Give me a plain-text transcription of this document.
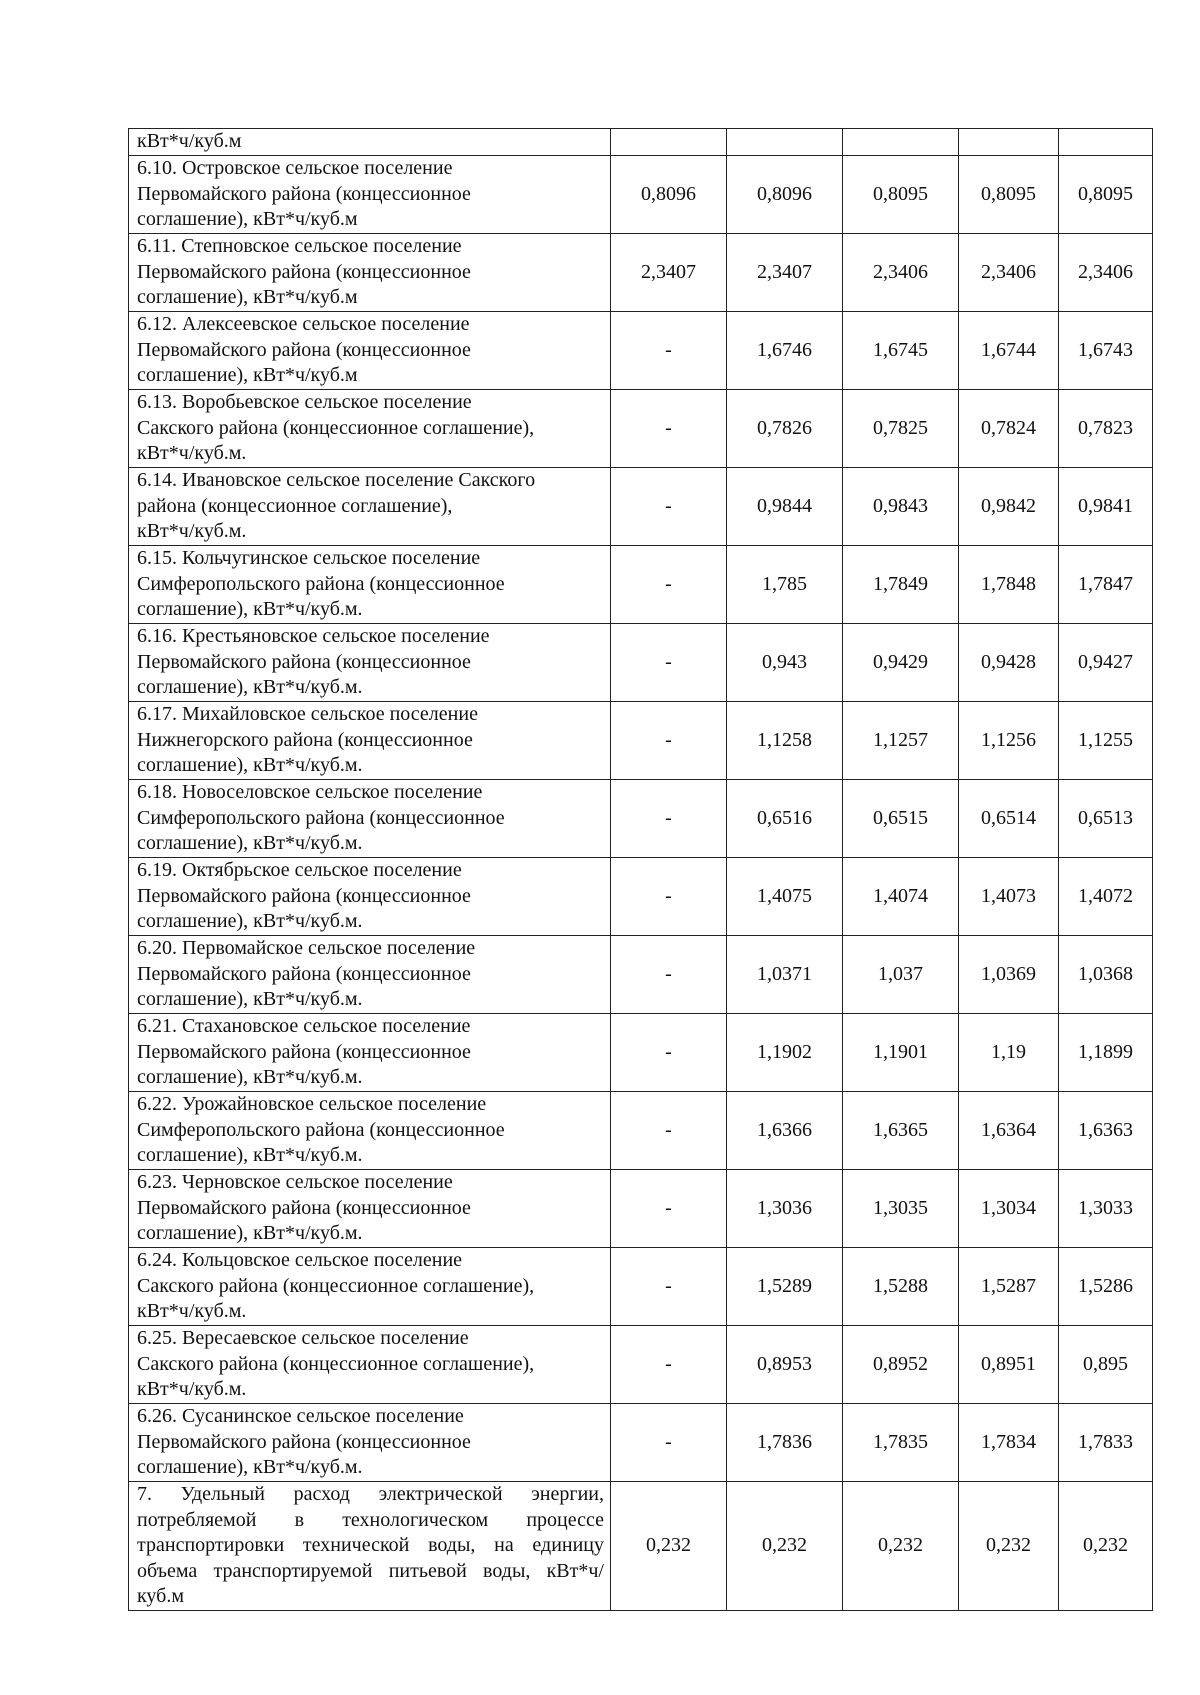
кВт*ч/куб.м					

6.10. Островское сельское поселение
Первомайского района (концессионное
соглашение), кВт*ч/куб.м	0,8096	0,8096	0,8095	0,8095	0,8095

6.11. Степновское сельское поселение
Первомайского района (концессионное
соглашение), кВт*ч/куб.м	2,3407	2,3407	2,3406	2,3406	2,3406

6.12. Алексеевское сельское поселение
Первомайского района (концессионное
соглашение), кВт*ч/куб.м	-	1,6746	1,6745	1,6744	1,6743

6.13. Воробьевское сельское поселение
Сакского района (концессионное соглашение),
кВт*ч/куб.м.	-	0,7826	0,7825	0,7824	0,7823

6.14. Ивановское сельское поселение Сакского
района (концессионное соглашение),
кВт*ч/куб.м.	-	0,9844	0,9843	0,9842	0,9841

6.15. Кольчугинское сельское поселение
Симферопольского района (концессионное
соглашение), кВт*ч/куб.м.	-	1,785	1,7849	1,7848	1,7847

6.16. Крестьяновское сельское поселение
Первомайского района (концессионное
соглашение), кВт*ч/куб.м.	-	0,943	0,9429	0,9428	0,9427

6.17. Михайловское сельское поселение
Нижнегорского района (концессионное
соглашение), кВт*ч/куб.м.	-	1,1258	1,1257	1,1256	1,1255

6.18. Новоселовское сельское поселение
Симферопольского района (концессионное
соглашение), кВт*ч/куб.м.	-	0,6516	0,6515	0,6514	0,6513

6.19. Октябрьское сельское поселение
Первомайского района (концессионное
соглашение), кВт*ч/куб.м.	-	1,4075	1,4074	1,4073	1,4072

6.20. Первомайское сельское поселение
Первомайского района (концессионное
соглашение), кВт*ч/куб.м.	-	1,0371	1,037	1,0369	1,0368

6.21. Стахановское сельское поселение
Первомайского района (концессионное
соглашение), кВт*ч/куб.м.	-	1,1902	1,1901	1,19	1,1899

6.22. Урожайновское сельское поселение
Симферопольского района (концессионное
соглашение), кВт*ч/куб.м.	-	1,6366	1,6365	1,6364	1,6363

6.23. Черновское сельское поселение
Первомайского района (концессионное
соглашение), кВт*ч/куб.м.	-	1,3036	1,3035	1,3034	1,3033

6.24. Кольцовское сельское поселение
Сакского района (концессионное соглашение),
кВт*ч/куб.м.	-	1,5289	1,5288	1,5287	1,5286

6.25. Вересаевское сельское поселение
Сакского района (концессионное соглашение),
кВт*ч/куб.м.	-	0,8953	0,8952	0,8951	0,895

6.26. Сусанинское сельское поселение
Первомайского района (концессионное
соглашение), кВт*ч/куб.м.	-	1,7836	1,7835	1,7834	1,7833
7. Удельный расход электрической энергии, потребляемой в технологическом процессе транспортировки технической воды, на единицу объема транспортируемой питьевой воды, кВт*ч/куб.м	0,232	0,232	0,232	0,232	0,232
